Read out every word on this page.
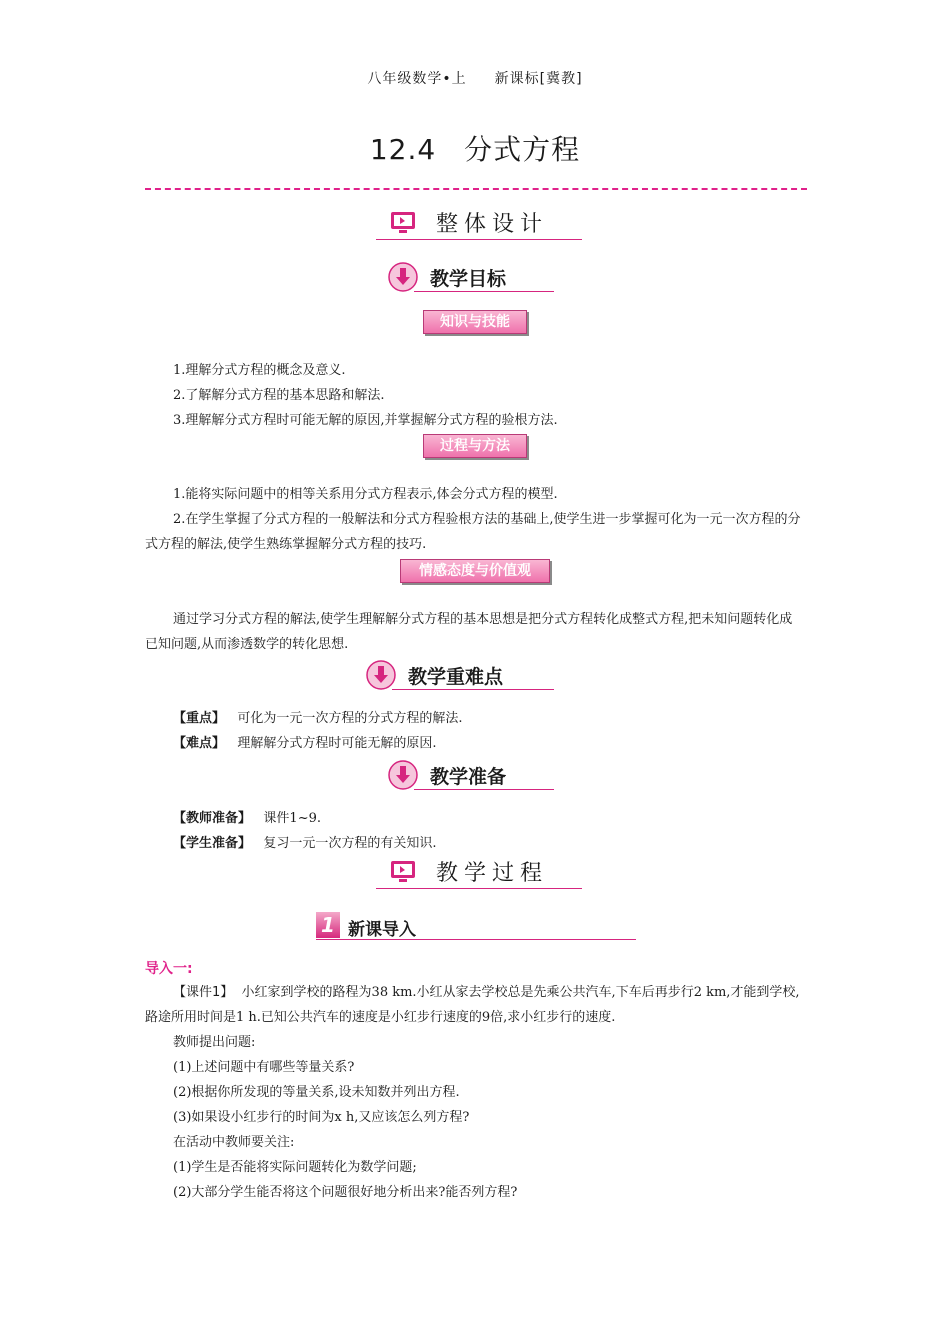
八年级数学•上 新课标[冀教]
12.4 分式方程
整体设计
教学目标
知识与技能
1.理解分式方程的概念及意义.
2.了解解分式方程的基本思路和解法.
3.理解解分式方程时可能无解的原因,并掌握解分式方程的验根方法.
过程与方法
1.能将实际问题中的相等关系用分式方程表示,体会分式方程的模型.
2.在学生掌握了分式方程的一般解法和分式方程验根方法的基础上,使学生进一步掌握可化为一元一次方程的分式方程的解法,使学生熟练掌握解分式方程的技巧.
情感态度与价值观
通过学习分式方程的解法,使学生理解解分式方程的基本思想是把分式方程转化成整式方程,把未知问题转化成已知问题,从而渗透数学的转化思想.
教学重难点
【重点】 可化为一元一次方程的分式方程的解法.
【难点】 理解解分式方程时可能无解的原因.
教学准备
【教师准备】 课件1~9.
【学生准备】 复习一元一次方程的有关知识.
教学过程
1 新课导入
导入一:
【课件1】 小红家到学校的路程为38 km.小红从家去学校总是先乘公共汽车,下车后再步行2 km,才能到学校,路途所用时间是1 h.已知公共汽车的速度是小红步行速度的9倍,求小红步行的速度.
教师提出问题:
(1)上述问题中有哪些等量关系?
(2)根据你所发现的等量关系,设未知数并列出方程.
(3)如果设小红步行的时间为x h,又应该怎么列方程?
在活动中教师要关注:
(1)学生是否能将实际问题转化为数学问题;
(2)大部分学生能否将这个问题很好地分析出来?能否列方程?
